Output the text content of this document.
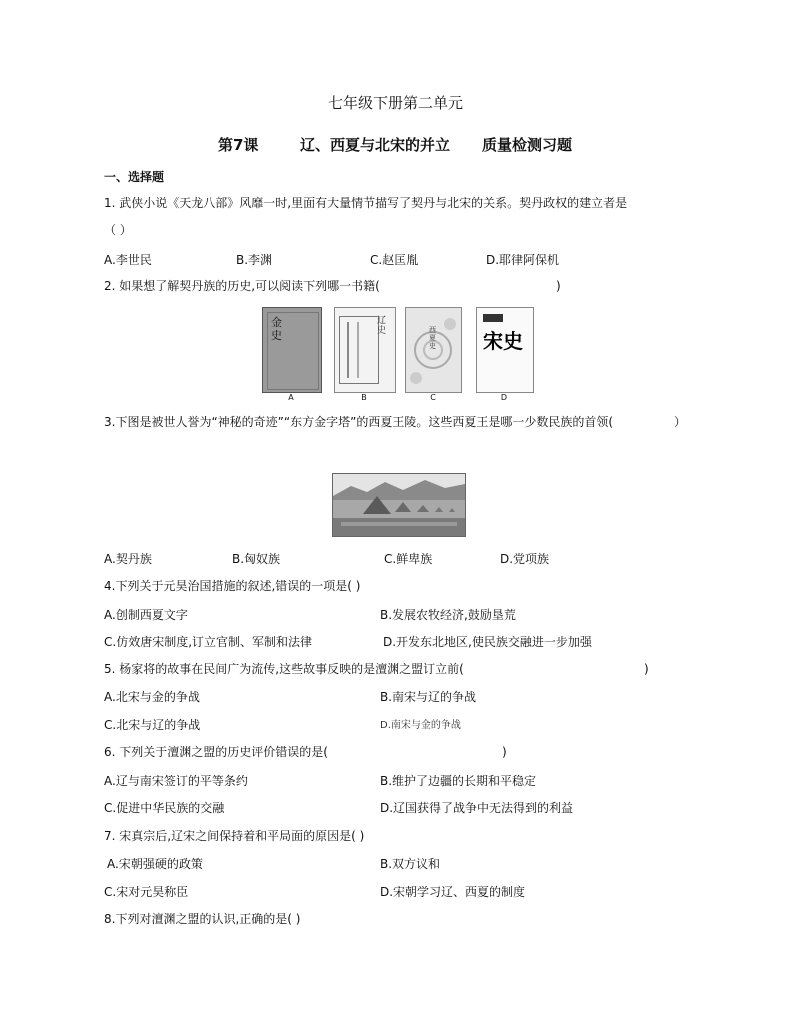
七年级下册第二单元
第7课	辽、西夏与北宋的并立 质量检测习题
一、选择题
1. 武侠小说《天龙八部》风靡一时,里面有大量情节描写了契丹与北宋的关系。契丹政权的建立者是
（ ）
A.李世民	B.李渊	C.赵匡胤	D.耶律阿保机
2. 如果想了解契丹族的历史,可以阅读下列哪一书籍(	)
金史
辽史	西夏史 宋史
A	B	C	D
3.下图是被世人誉为“神秘的奇迹”“东方金字塔”的西夏王陵。这些西夏王是哪一少数民族的首领(	）
A.契丹族	B.匈奴族	C.鲜卑族	D.党项族
4.下列关于元昊治国措施的叙述,错误的一项是( )
A.创制西夏文字	B.发展农牧经济,鼓励垦荒
C.仿效唐宋制度,订立官制、军制和法律	D.开发东北地区,使民族交融进一步加强
5. 杨家将的故事在民间广为流传,这些故事反映的是澶渊之盟订立前(	)
A.北宋与金的争战	B.南宋与辽的争战
C.北宋与辽的争战	D.南宋与金的争战
6. 下列关于澶渊之盟的历史评价错误的是(	)
A.辽与南宋签订的平等条约	B.维护了边疆的长期和平稳定
C.促进中华民族的交融	D.辽国获得了战争中无法得到的利益
7. 宋真宗后,辽宋之间保持着和平局面的原因是( )
A.宋朝强硬的政策	B.双方议和
C.宋对元昊称臣	D.宋朝学习辽、西夏的制度
8.下列对澶渊之盟的认识,正确的是( )
